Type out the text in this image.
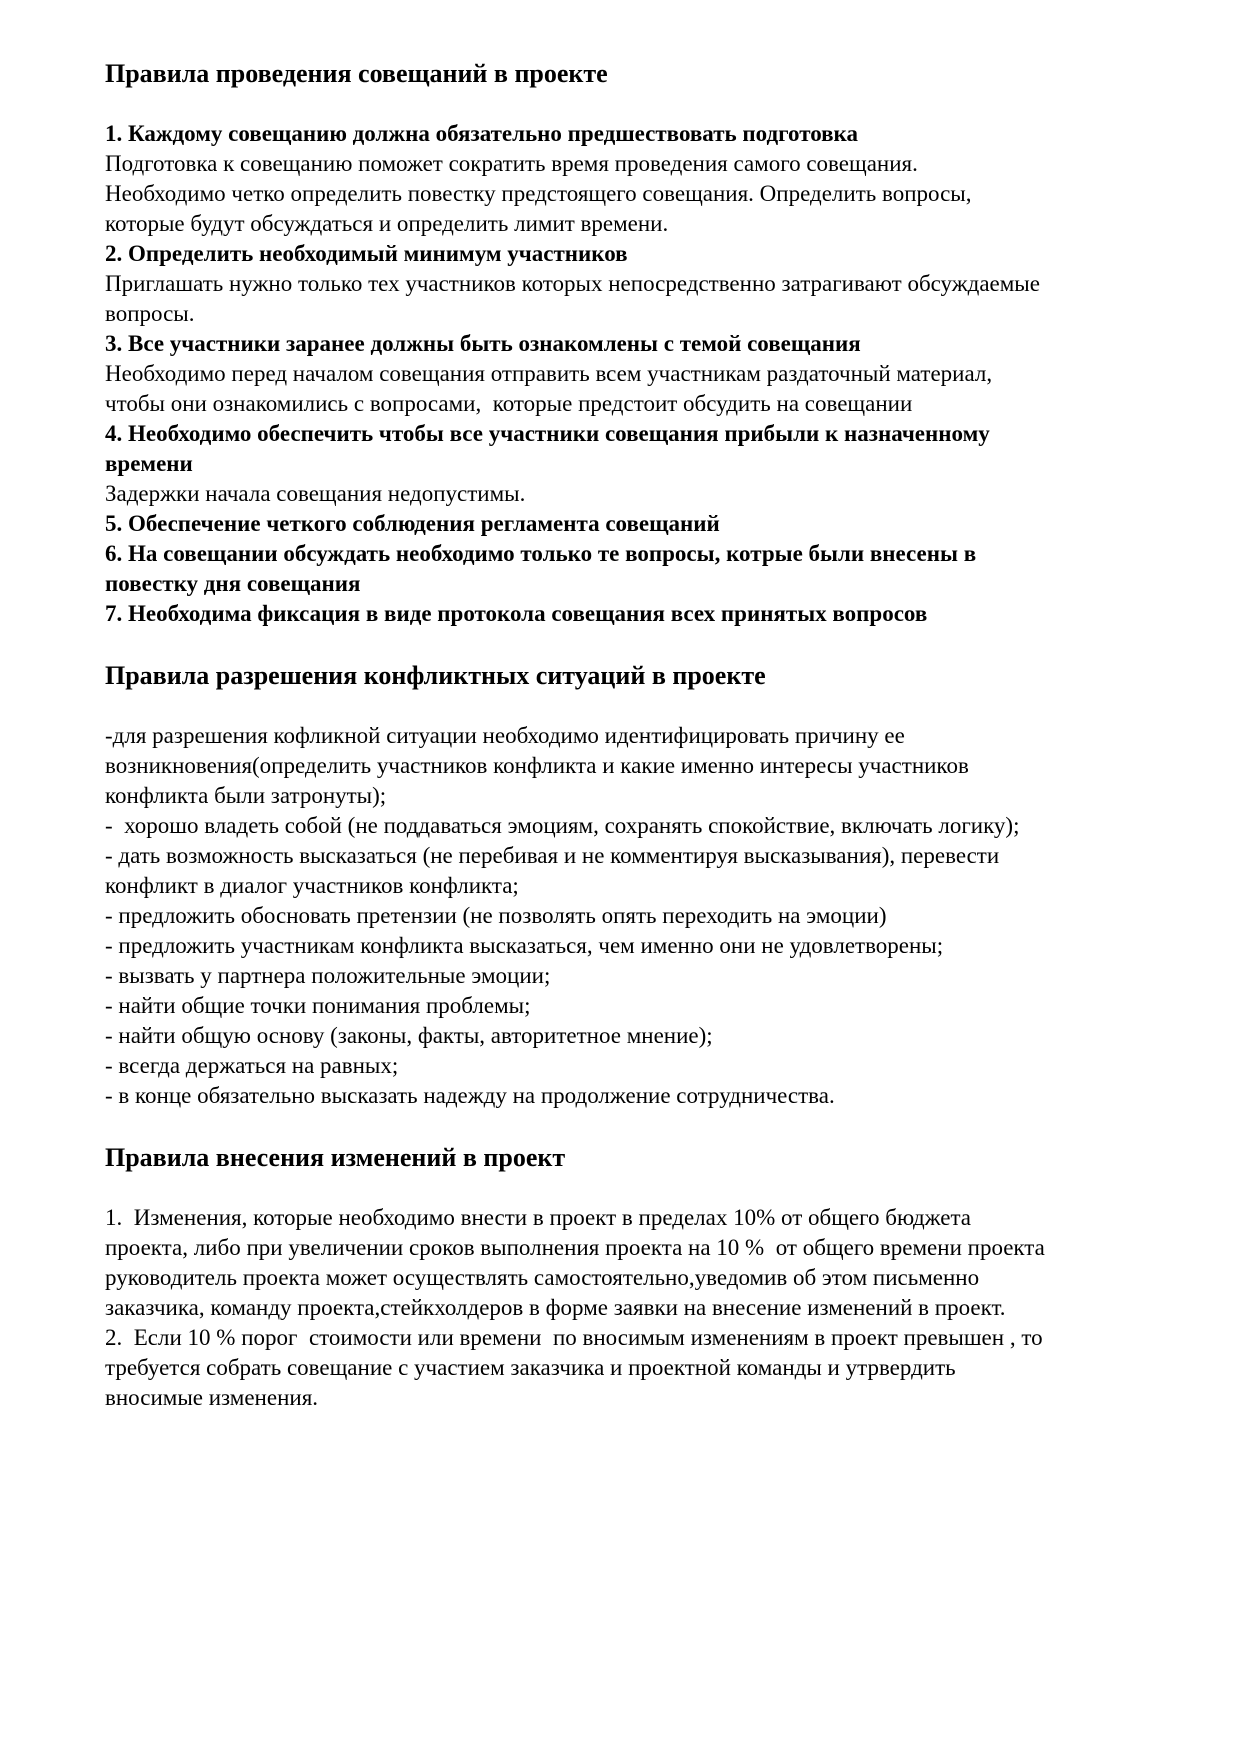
Правила проведения совещаний в проекте
1. Каждому совещанию должна обязательно предшествовать подготовка
Подготовка к совещанию поможет сократить время проведения самого совещания.
Необходимо четко определить повестку предстоящего совещания. Определить вопросы,
которые будут обсуждаться и определить лимит времени.
2. Определить необходимый минимум участников
Приглашать нужно только тех участников которых непосредственно затрагивают обсуждаемые
вопросы.
3. Все участники заранее должны быть ознакомлены с темой совещания
Необходимо перед началом совещания отправить всем участникам раздаточный материал,
чтобы они ознакомились с вопросами,  которые предстоит обсудить на совещании
4. Необходимо обеспечить чтобы все участники совещания прибыли к назначенному
времени
Задержки начала совещания недопустимы.
5. Обеспечение четкого соблюдения регламента совещаний
6. На совещании обсуждать необходимо только те вопросы, котрые были внесены в
повестку дня совещания
7. Необходима фиксация в виде протокола совещания всех принятых вопросов
Правила разрешения конфликтных ситуаций в проекте
-для разрешения кофликной ситуации необходимо идентифицировать причину ее
возникновения(определить участников конфликта и какие именно интересы участников
конфликта были затронуты);
-  хорошо владеть собой (не поддаваться эмоциям, сохранять спокойствие, включать логику);
- дать возможность высказаться (не перебивая и не комментируя высказывания), перевести
конфликт в диалог участников конфликта;
- предложить обосновать претензии (не позволять опять переходить на эмоции)
- предложить участникам конфликта высказаться, чем именно они не удовлетворены;
- вызвать у партнера положительные эмоции;
- найти общие точки понимания проблемы;
- найти общую основу (законы, факты, авторитетное мнение);
- всегда держаться на равных;
- в конце обязательно высказать надежду на продолжение сотрудничества.
Правила внесения изменений в проект
1.  Изменения, которые необходимо внести в проект в пределах 10% от общего бюджета
проекта, либо при увеличении сроков выполнения проекта на 10 %  от общего времени проекта
руководитель проекта может осуществлять самостоятельно,уведомив об этом письменно
заказчика, команду проекта,стейкхолдеров в форме заявки на внесение изменений в проект.
2.  Если 10 % порог  стоимости или времени  по вносимым изменениям в проект превышен , то
требуется собрать совещание с участием заказчика и проектной команды и утрвердить
вносимые изменения.
